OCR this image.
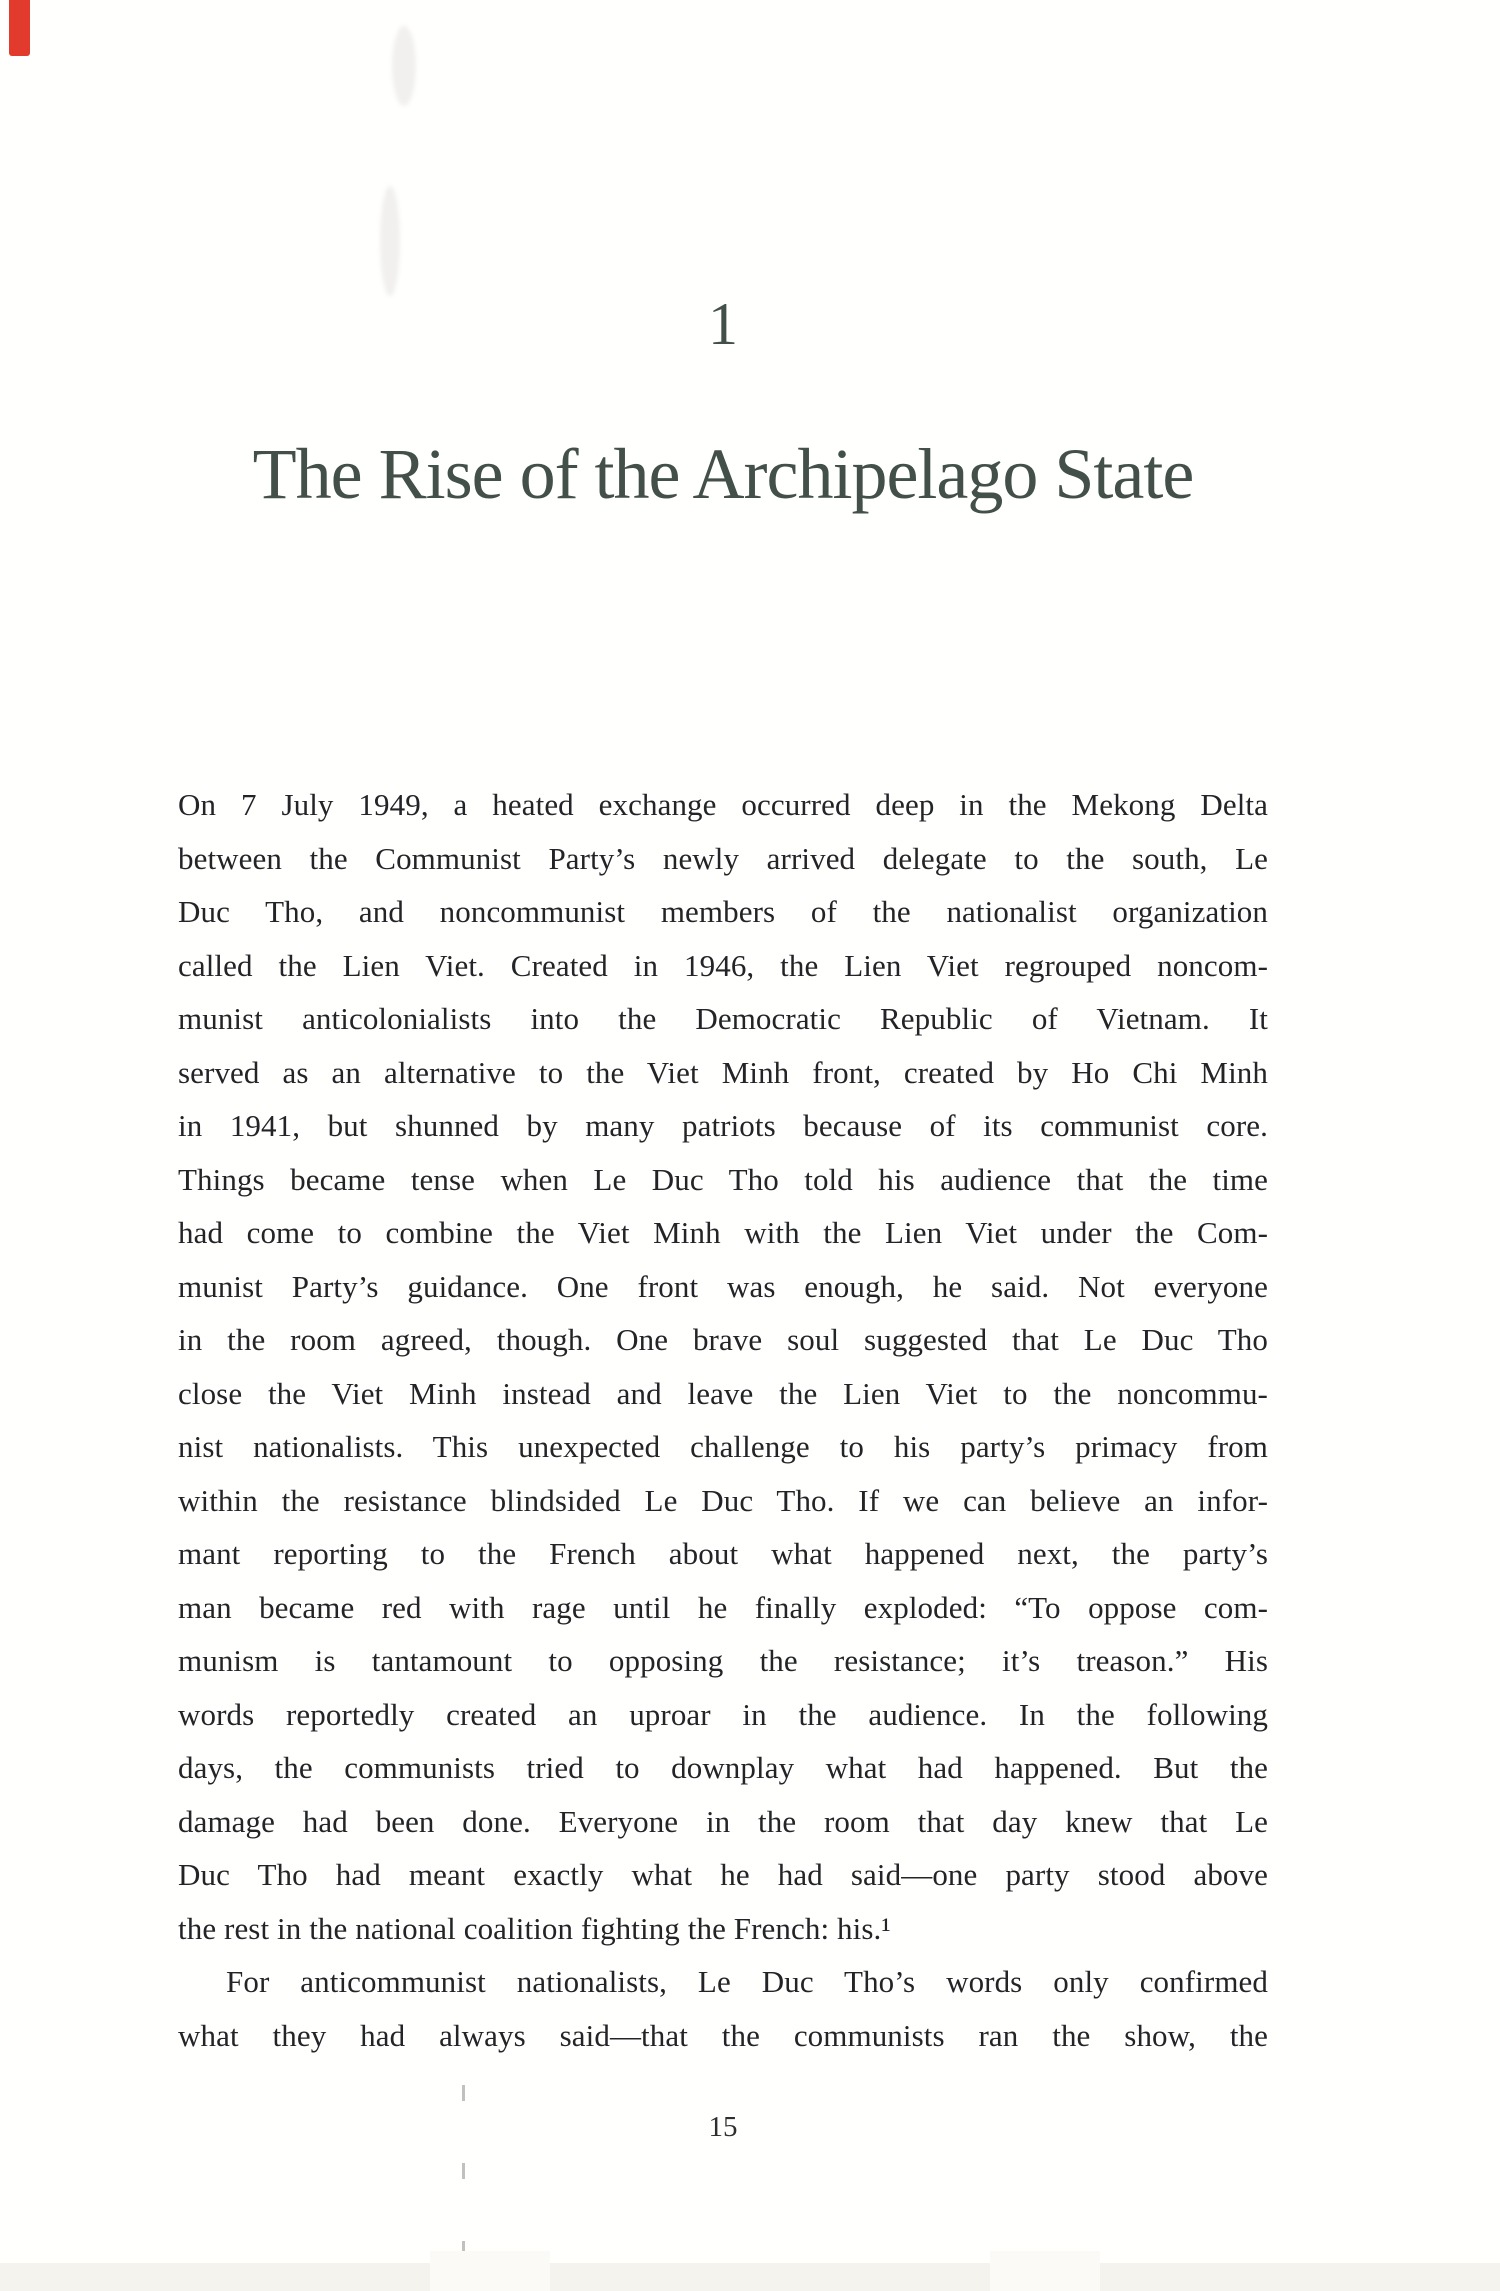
1
The Rise of the Archipelago State
On 7 July 1949, a heated exchange occurred deep in the Mekong Delta
between the Communist Party’s newly arrived delegate to the south, Le
Duc Tho, and noncommunist members of the nationalist organization
called the Lien Viet. Created in 1946, the Lien Viet regrouped noncom-
munist anticolonialists into the Democratic Republic of Vietnam. It
served as an alternative to the Viet Minh front, created by Ho Chi Minh
in 1941, but shunned by many patriots because of its communist core.
Things became tense when Le Duc Tho told his audience that the time
had come to combine the Viet Minh with the Lien Viet under the Com-
munist Party’s guidance. One front was enough, he said. Not everyone
in the room agreed, though. One brave soul suggested that Le Duc Tho
close the Viet Minh instead and leave the Lien Viet to the noncommu-
nist nationalists. This unexpected challenge to his party’s primacy from
within the resistance blindsided Le Duc Tho. If we can believe an infor-
mant reporting to the French about what happened next, the party’s
man became red with rage until he finally exploded: “To oppose com-
munism is tantamount to opposing the resistance; it’s treason.” His
words reportedly created an uproar in the audience. In the following
days, the communists tried to downplay what had happened. But the
damage had been done. Everyone in the room that day knew that Le
Duc Tho had meant exactly what he had said—one party stood above
the rest in the national coalition fighting the French: his.¹
For anticommunist nationalists, Le Duc Tho’s words only confirmed
what they had always said—that the communists ran the show, the
15
